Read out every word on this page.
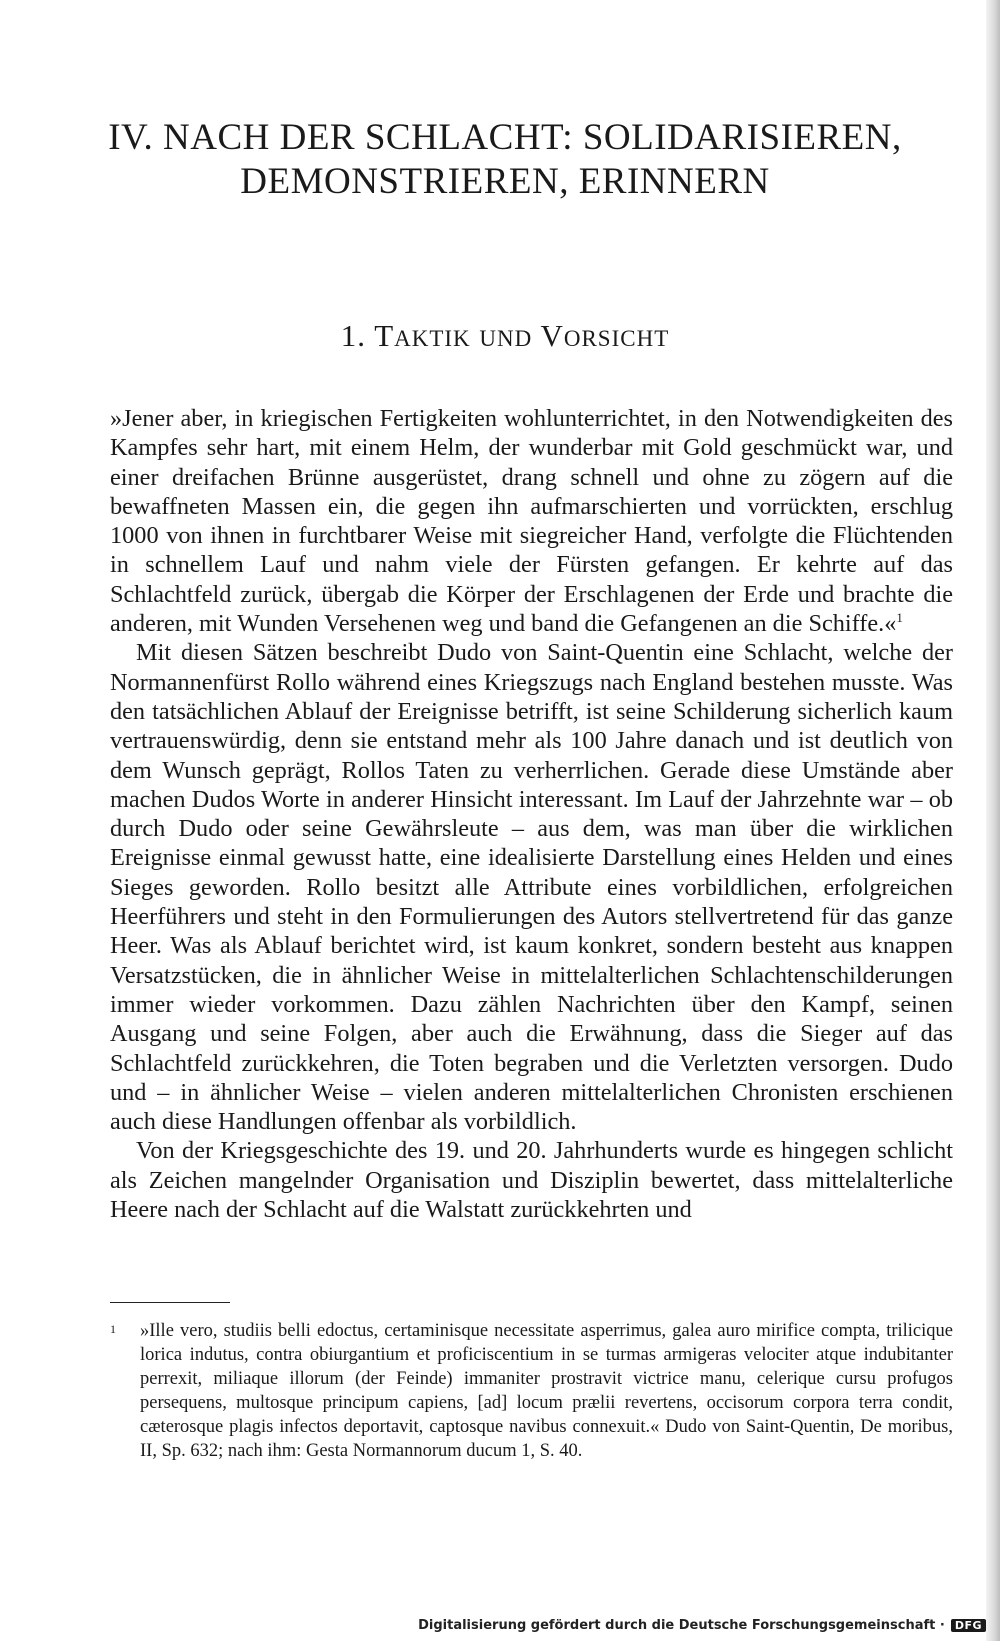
IV. NACH DER SCHLACHT: SOLIDARISIEREN,
DEMONSTRIEREN, ERINNERN
1. TAKTIK UND VORSICHT

»Jener aber, in kriegischen Fertigkeiten wohlunterrichtet, in den Notwendigkeiten des Kampfes sehr hart, mit einem Helm, der wunderbar mit Gold geschmückt war, und einer dreifachen Brünne ausgerüstet, drang schnell und ohne zu zögern auf die bewaffneten Massen ein, die gegen ihn aufmarschierten und vorrückten, erschlug 1000 von ihnen in furchtbarer Weise mit siegreicher Hand, verfolgte die Flüchtenden in schnellem Lauf und nahm viele der Fürsten gefangen. Er kehrte auf das Schlachtfeld zurück, übergab die Körper der Erschlagenen der Erde und brachte die anderen, mit Wunden Versehenen weg und band die Gefangenen an die Schiffe.«$^1$

Mit diesen Sätzen beschreibt Dudo von Saint-Quentin eine Schlacht, welche der Normannenfürst Rollo während eines Kriegszugs nach England bestehen musste. Was den tatsächlichen Ablauf der Ereignisse betrifft, ist seine Schilderung sicherlich kaum vertrauenswürdig, denn sie entstand mehr als 100 Jahre danach und ist deutlich von dem Wunsch geprägt, Rollos Taten zu verherrlichen. Gerade diese Umstände aber machen Dudos Worte in anderer Hinsicht interessant. Im Lauf der Jahrzehnte war – ob durch Dudo oder seine Gewährsleute – aus dem, was man über die wirklichen Ereignisse einmal gewusst hatte, eine idealisierte Darstellung eines Helden und eines Sieges geworden. Rollo besitzt alle Attribute eines vorbildlichen, erfolgreichen Heerführers und steht in den Formulierungen des Autors stellvertretend für das ganze Heer. Was als Ablauf berichtet wird, ist kaum konkret, sondern besteht aus knappen Versatzstücken, die in ähnlicher Weise in mittelalterlichen Schlachtenschilderungen immer wieder vorkommen. Dazu zählen Nachrichten über den Kampf, seinen Ausgang und seine Folgen, aber auch die Erwähnung, dass die Sieger auf das Schlachtfeld zurückkehren, die Toten begraben und die Verletzten versorgen. Dudo und – in ähnlicher Weise – vielen anderen mittelalterlichen Chronisten erschienen auch diese Handlungen offenbar als vorbildlich.

Von der Kriegsgeschichte des 19. und 20. Jahrhunderts wurde es hingegen schlicht als Zeichen mangelnder Organisation und Disziplin bewertet, dass mittelalterliche Heere nach der Schlacht auf die Walstatt zurückkehrten und

1 »Ille vero, studiis belli edoctus, certaminisque necessitate asperrimus, galea auro mirifice compta, trilicique lorica indutus, contra obiurgantium et proficiscentium in se turmas armigeras velociter atque indubitanter perrexit, miliaque illorum (der Feinde) immaniter prostravit victrice manu, celerique cursu profugos persequens, multosque principum capiens, [ad] locum prælii revertens, occisorum corpora terra condit, cæterosque plagis infectos deportavit, captosque navibus connexuit.« Dudo von Saint-Quentin, De moribus, II, Sp. 632; nach ihm: Gesta Normannorum ducum 1, S. 40.
Digitalisierung gefördert durch die Deutsche Forschungsgemeinschaft · DFG
